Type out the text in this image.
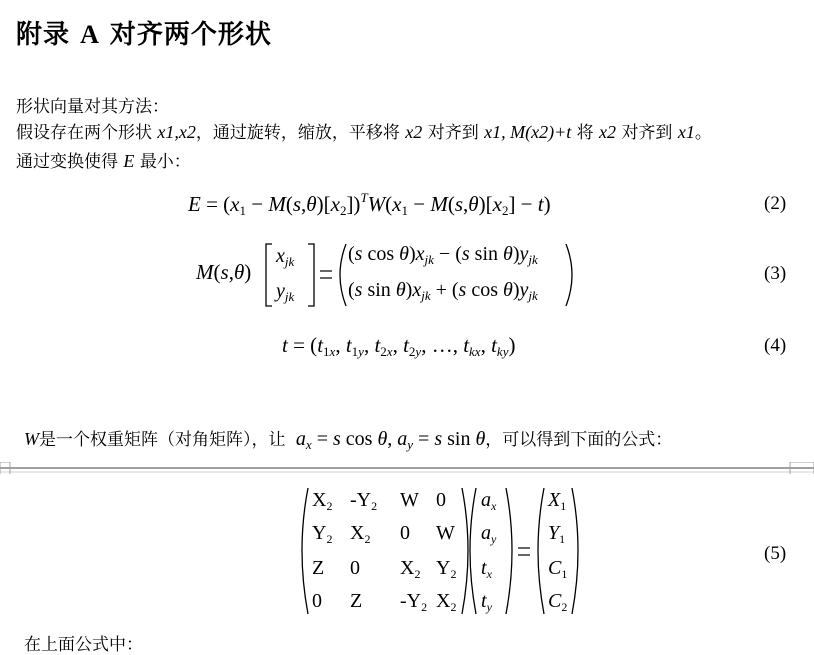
附录 A 对齐两个形状
形状向量对其方法：
假设存在两个形状 x1,x2，通过旋转，缩放，平移将 x2 对齐到 x1, M(x2)+t 将 x2 对齐到 x1。
通过变换使得 E 最小：
$E = (x_1 - M(s,\theta)[x_2])^TW(x_1 - M(s,\theta)[x_2] - t)$	(2)
M(s,θ)
$x_{jk}$
$y_{jk}$
(s $\cos \theta)x_{jk} - (s$ $\sin \theta)y_{jk}$
(s $\sin \theta)x_{jk} + (s$ $\cos \theta)y_{jk}$
(3)
$t = (t_{1x}$, $t_{1y}$, $t_{2x}$, $t_{2y}$, …, $t_{kx}$, $t_{ky}$)	(4)
W是一个权重矩阵（对角矩阵），让 $a_x = s$ cos θ, $a_y = s$ sin θ，可以得到下面的公式：
$X_2$ $-Y_2$ W 0
$Y_2$ $X_2$ 0 W
Z 0 $X_2$ $Y_2$
0 Z $-Y_2$ $X_2$
$a_x$
$a_y$
$t_x$
$t_y$
$X_1$
$Y_1$
$C_1$
$C_2$
(5)
在上面公式中：
